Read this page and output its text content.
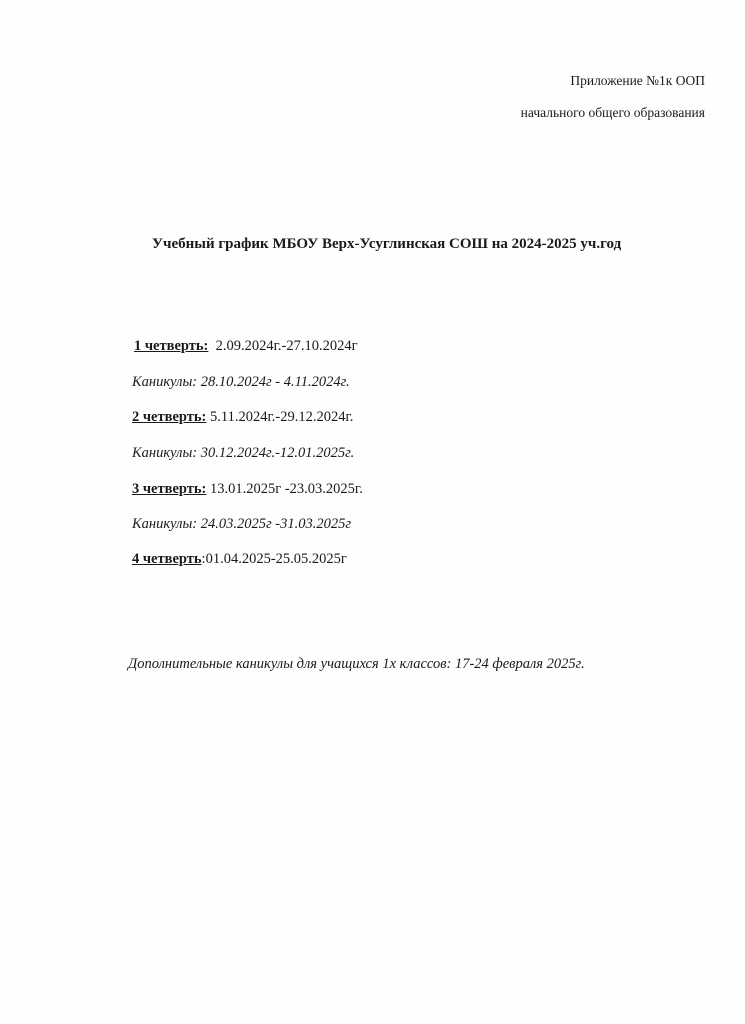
Приложение №1к ООП
начального общего образования
Учебный график МБОУ Верх-Усуглинская СОШ на 2024-2025 уч.год
1 четверть:  2.09.2024г.-27.10.2024г
Каникулы: 28.10.2024г - 4.11.2024г.
2 четверть: 5.11.2024г.-29.12.2024г.
Каникулы: 30.12.2024г.-12.01.2025г.
3 четверть: 13.01.2025г -23.03.2025г.
Каникулы: 24.03.2025г -31.03.2025г
4 четверть:01.04.2025-25.05.2025г
Дополнительные каникулы для учащихся 1х классов: 17-24 февраля 2025г.
